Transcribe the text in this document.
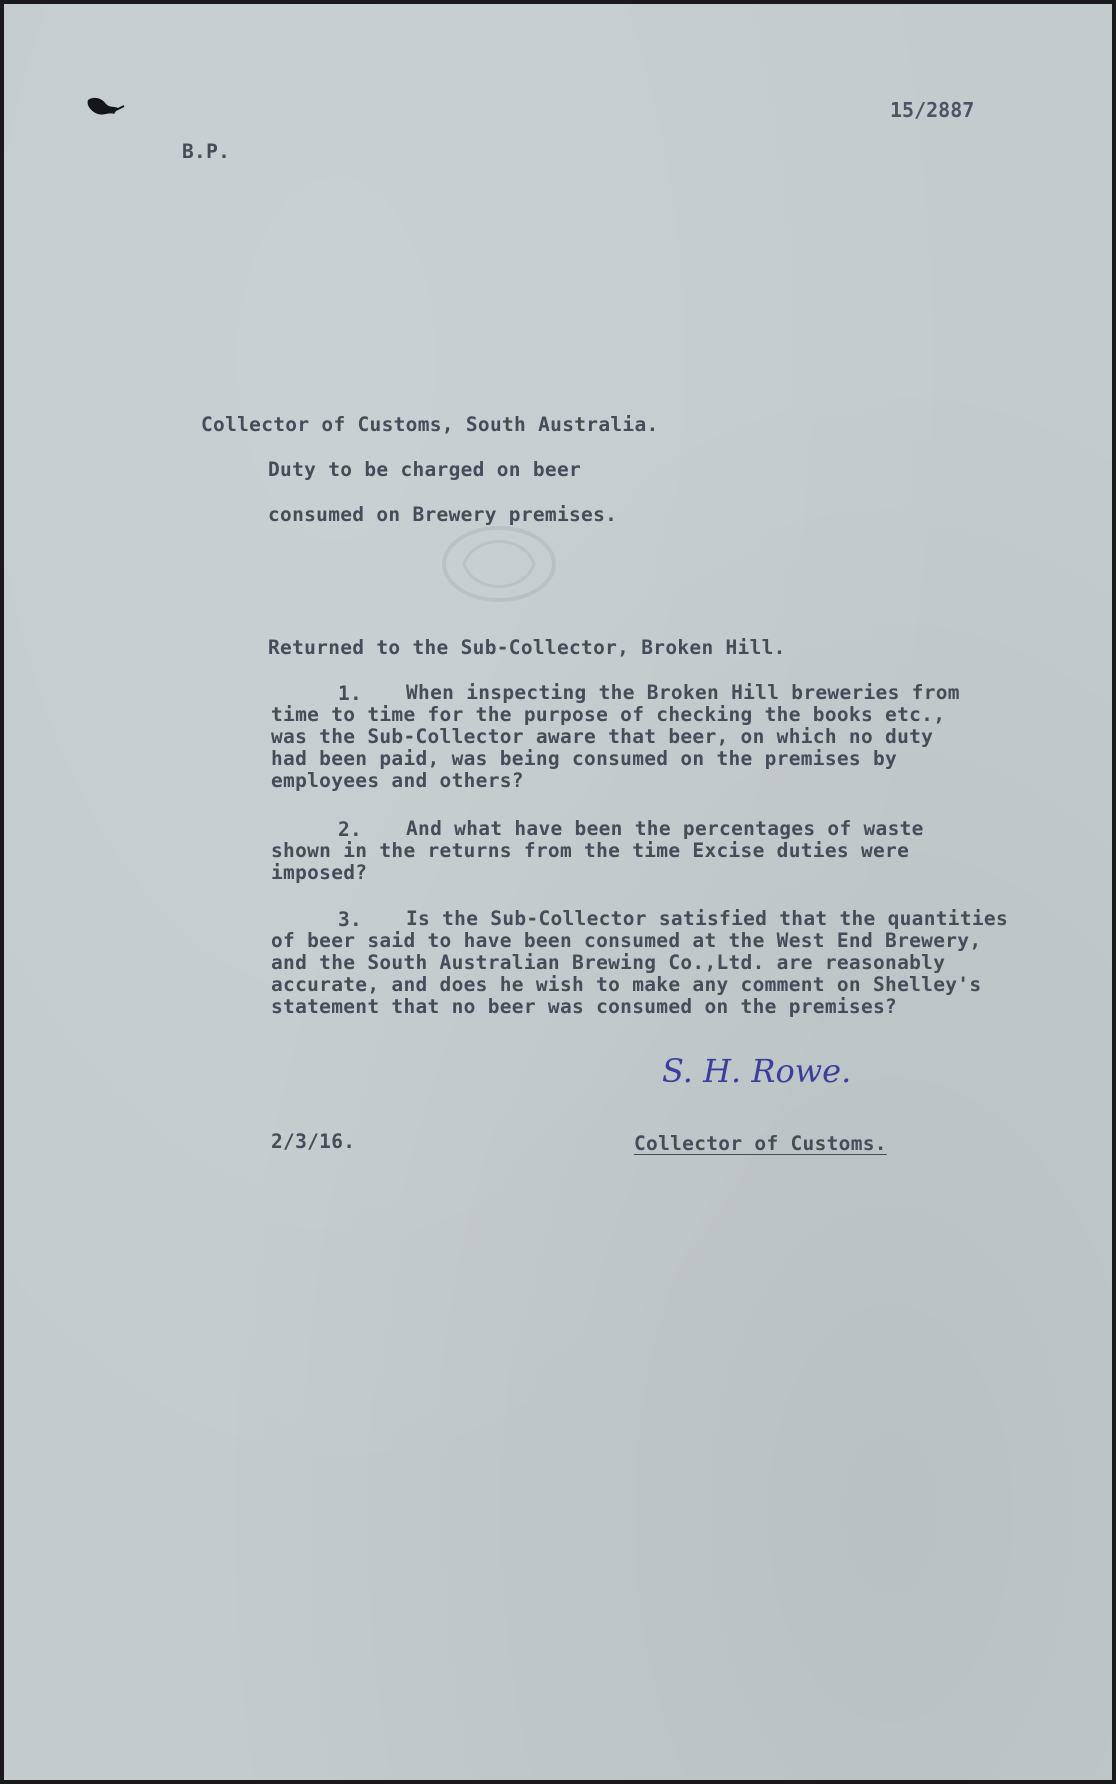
15/2887
B.P.
Collector of Customs, South Australia.
Duty to be charged on beer
consumed on Brewery premises.
Returned to the Sub-Collector, Broken Hill.
1. When inspecting the Broken Hill breweries from
time to time for the purpose of checking the books etc.,
was the Sub-Collector aware that beer, on which no duty
had been paid, was being consumed on the premises by
employees and others?
2. And what have been the percentages of waste
shown in the returns from the time Excise duties were
imposed?
3. Is the Sub-Collector satisfied that the quantities
of beer said to have been consumed at the West End Brewery,
and the South Australian Brewing Co.,Ltd. are reasonably
accurate, and does he wish to make any comment on Shelley's
statement that no beer was consumed on the premises?
S. H. Rowe.
2/3/16.	Collector of Customs.
